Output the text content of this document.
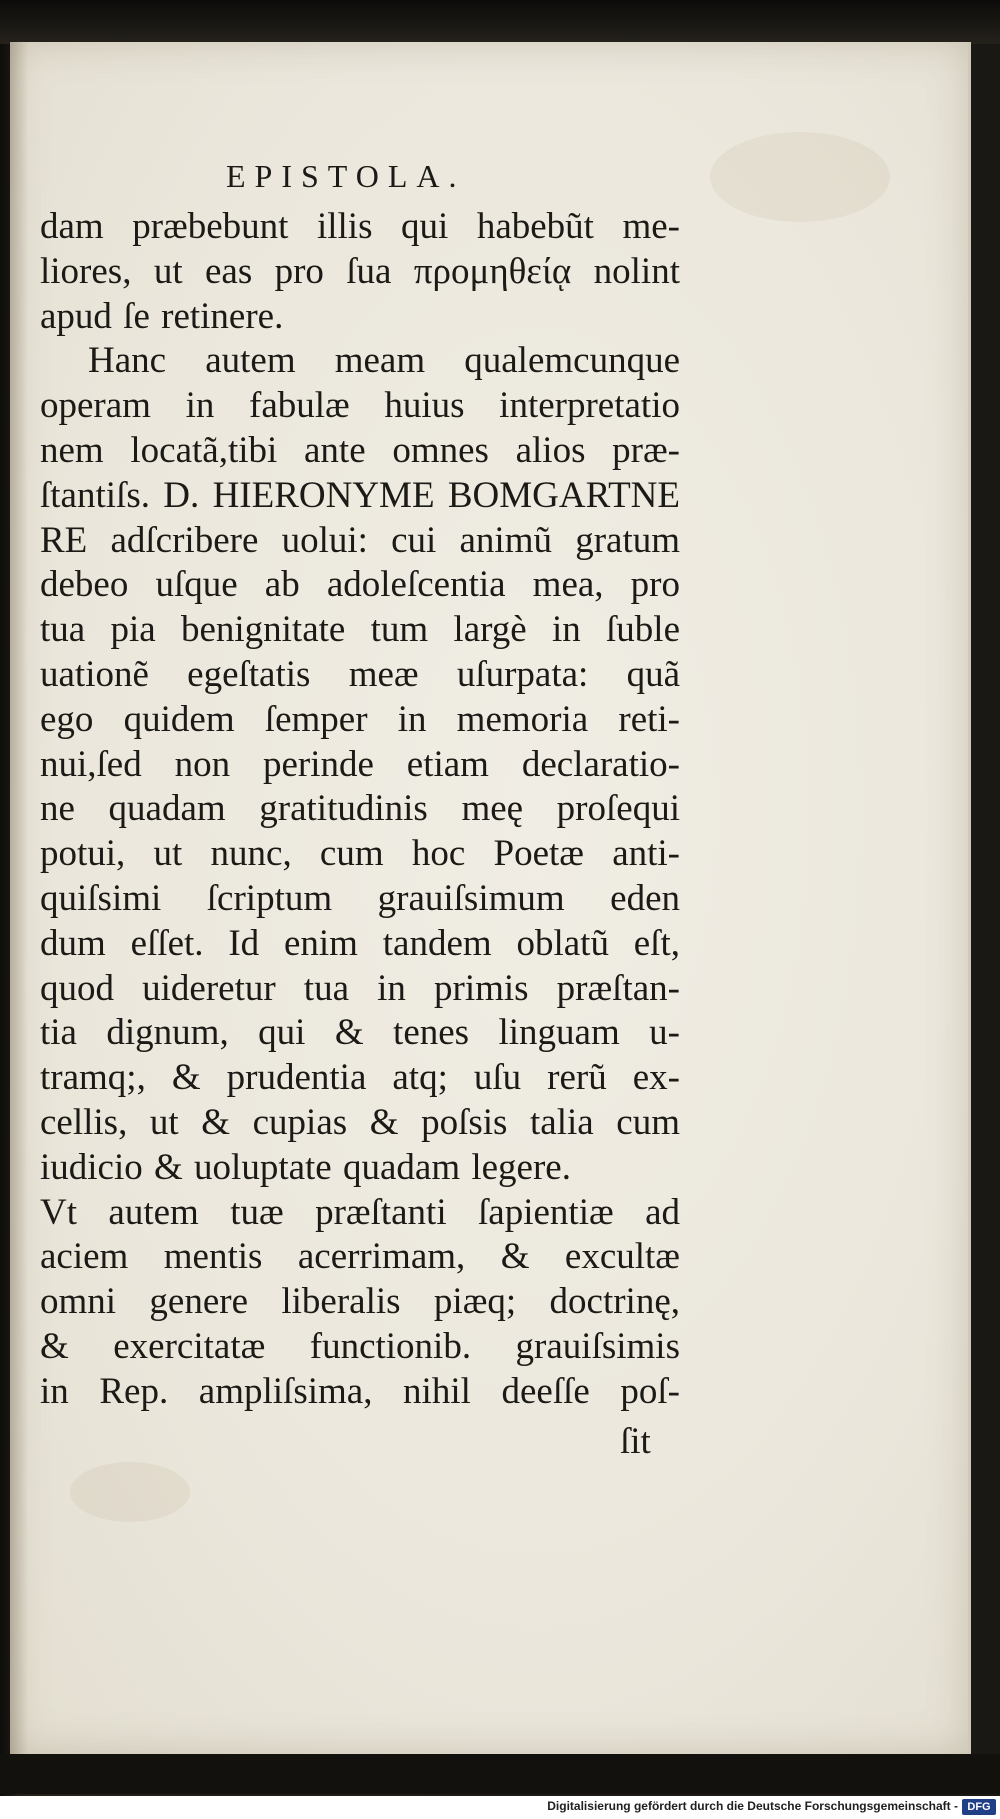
EPISTOLA.
dam præbebunt illis qui habebũt me-
liores, ut eas pro ſua προμηθείᾳ nolint
apud ſe retinere.
Hanc autem meam qualemcunque
operam in fabulæ huius interpretatio
nem locatã,tibi ante omnes alios præ-
ſtantiſs. D. HIERONYME BOMGARTNE
RE adſcribere uolui: cui animũ gratum
debeo uſque ab adoleſcentia mea, pro
tua pia benignitate tum largè in ſuble
uationẽ egeſtatis meæ uſurpata: quã
ego quidem ſemper in memoria reti-
nui,ſed non perinde etiam declaratio-
ne quadam gratitudinis meę proſequi
potui, ut nunc, cum hoc Poetæ anti-
quiſsimi ſcriptum grauiſsimum eden
dum eſſet. Id enim tandem oblatũ eſt,
quod uideretur tua in primis præſtan-
tia dignum, qui & tenes linguam u-
tramq;, & prudentia atq; uſu rerũ ex-
cellis, ut & cupias & poſsis talia cum
iudicio & uoluptate quadam legere.
Vt autem tuæ præſtanti ſapientiæ ad
aciem mentis acerrimam, & excultæ
omni genere liberalis piæq; doctrinę,
& exercitatæ functionib. grauiſsimis
in Rep. ampliſsima, nihil deeſſe poſ-
ſit
Digitalisierung gefördert durch die Deutsche Forschungsgemeinschaft - DFG
